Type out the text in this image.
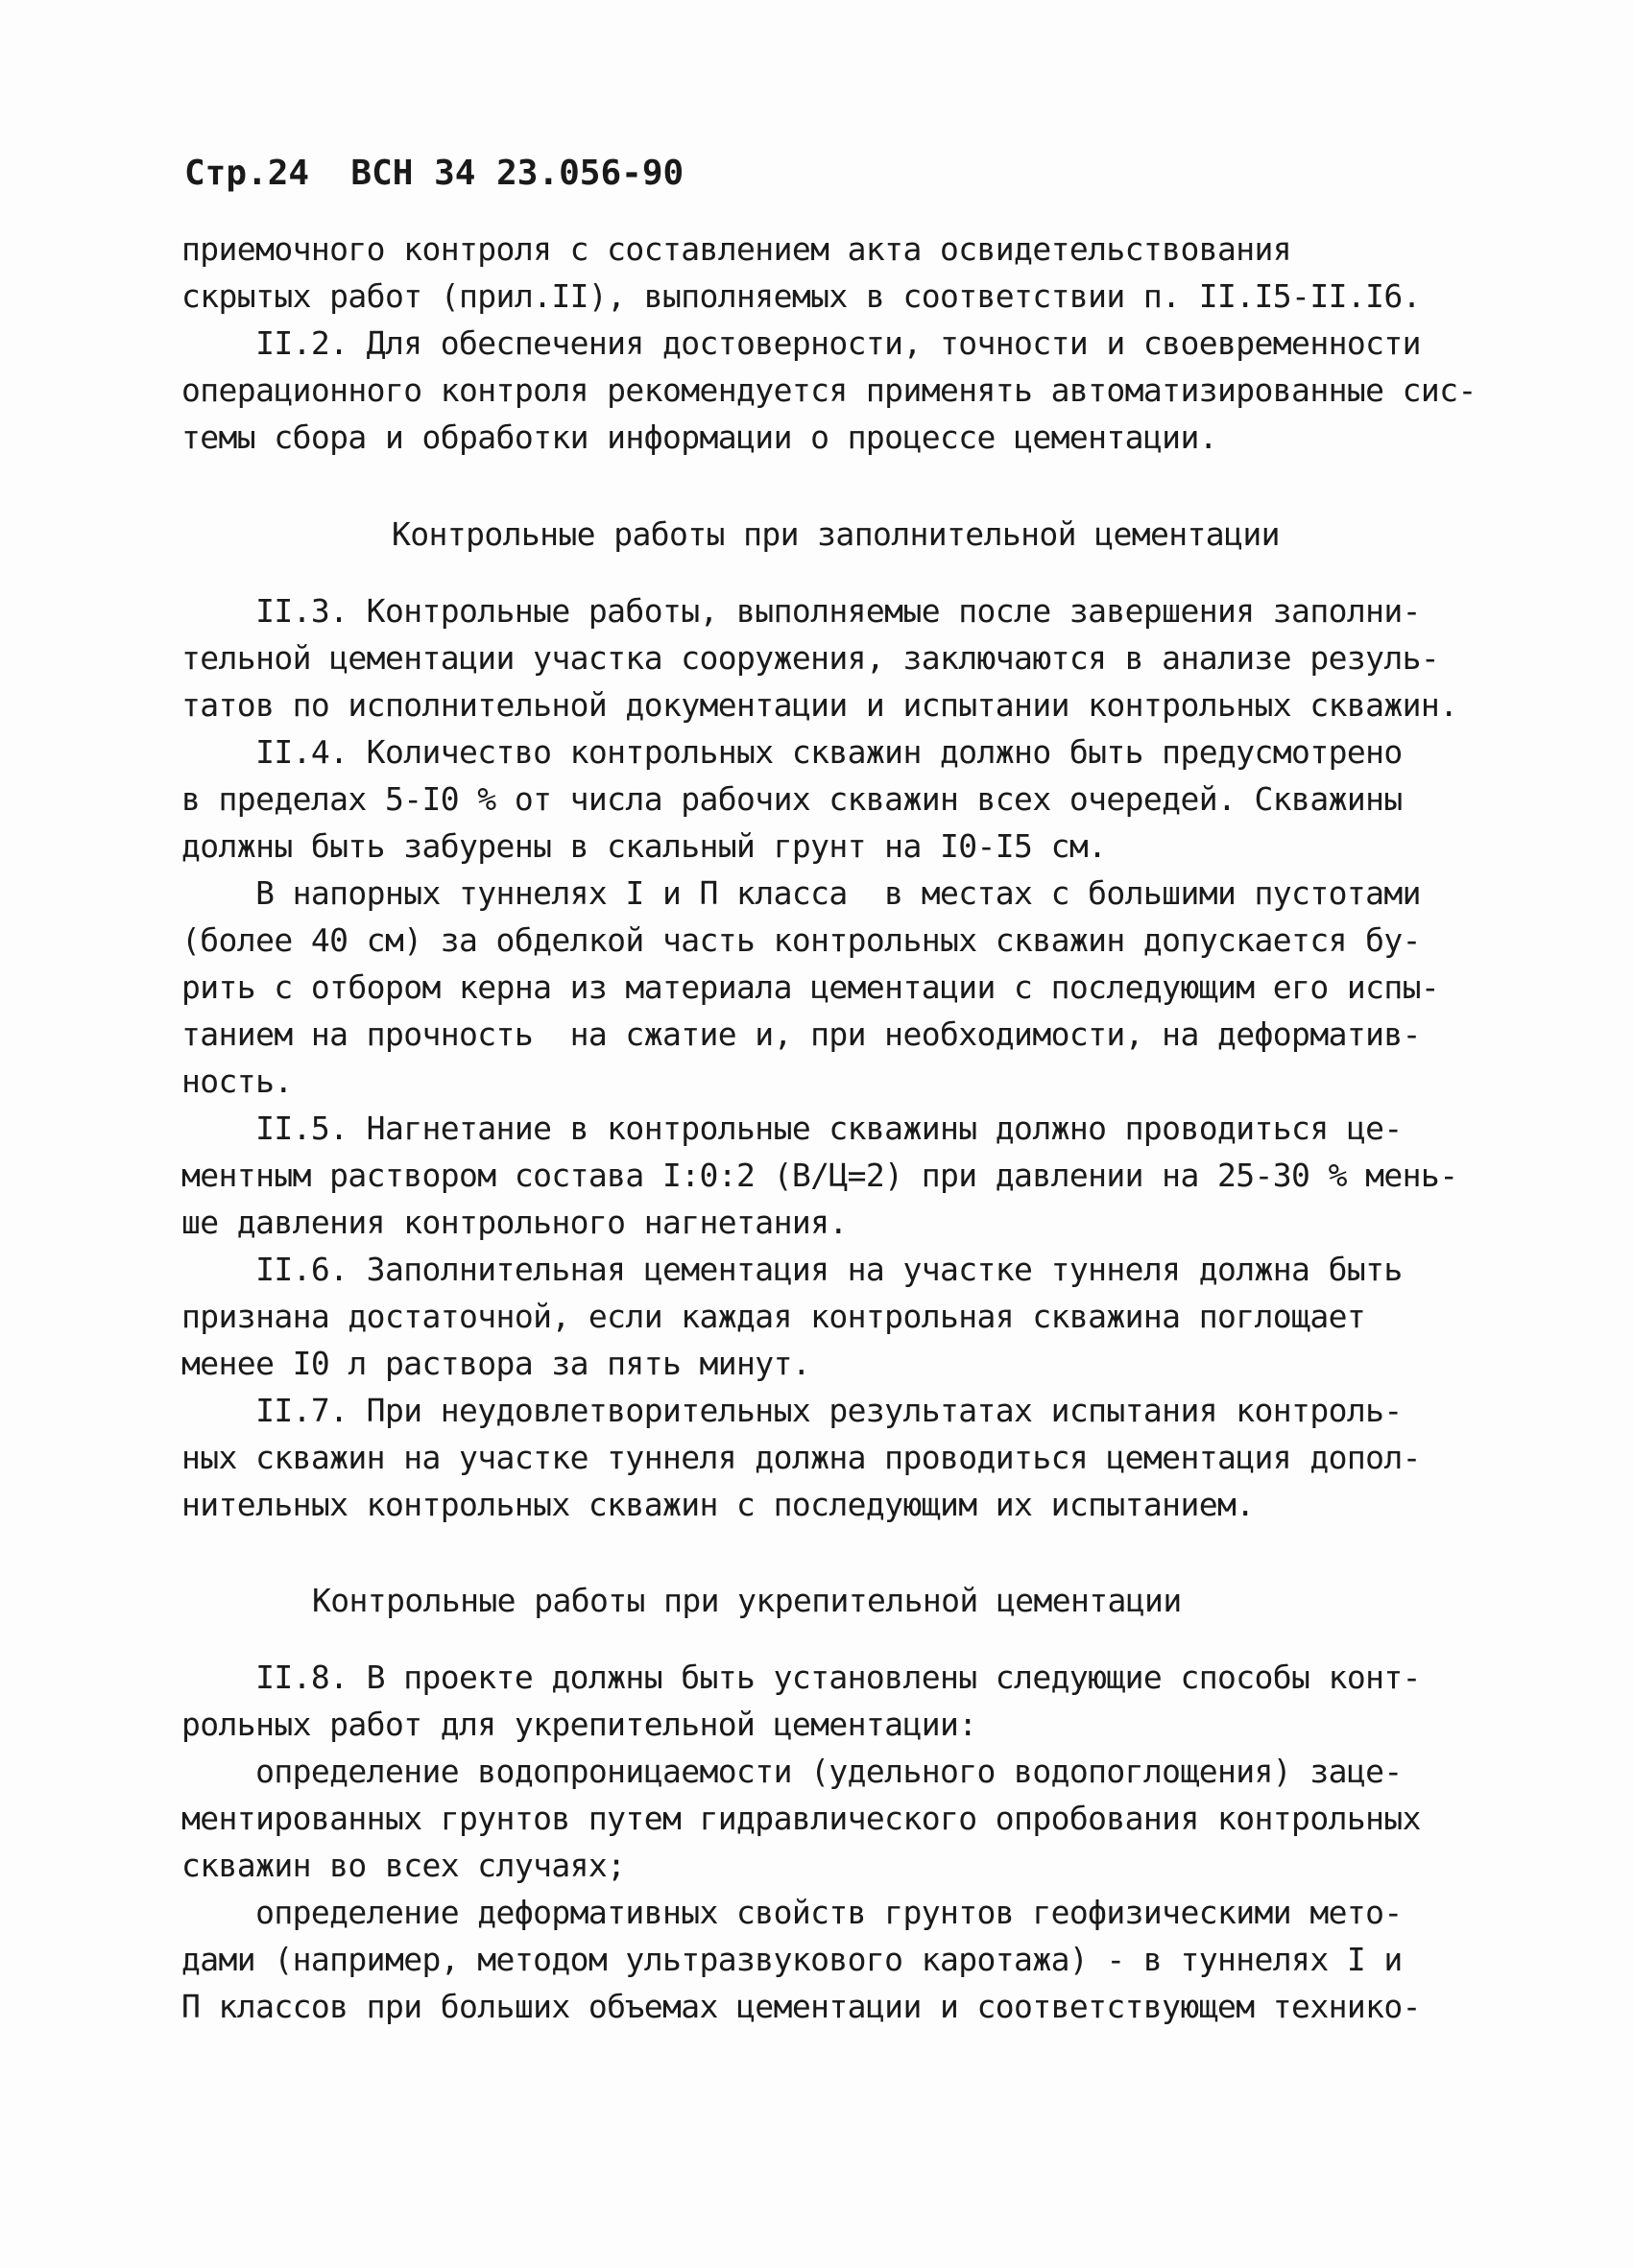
Стр.24  ВСН 34 23.056-90
приемочного контроля с составлением акта освидетельствования
скрытых работ (прил.II), выполняемых в соответствии п. II.I5-II.I6.
II.2. Для обеспечения достоверности, точности и своевременности
операционного контроля рекомендуется применять автоматизированные сис-
темы сбора и обработки информации о процессе цементации.
Контрольные работы при заполнительной цементации
II.3. Контрольные работы, выполняемые после завершения заполни-
тельной цементации участка сооружения, заключаются в анализе резуль-
татов по исполнительной документации и испытании контрольных скважин.
II.4. Количество контрольных скважин должно быть предусмотрено
в пределах 5-I0 % от числа рабочих скважин всех очередей. Скважины
должны быть забурены в скальный грунт на I0-I5 см.
В напорных туннелях I и П класса  в местах с большими пустотами
(более 40 см) за обделкой часть контрольных скважин допускается бу-
рить с отбором керна из материала цементации с последующим его испы-
танием на прочность  на сжатие и, при необходимости, на деформатив-
ность.
II.5. Нагнетание в контрольные скважины должно проводиться це-
ментным раствором состава I:0:2 (В/Ц=2) при давлении на 25-30 % мень-
ше давления контрольного нагнетания.
II.6. Заполнительная цементация на участке туннеля должна быть
признана достаточной, если каждая контрольная скважина поглощает
менее I0 л раствора за пять минут.
II.7. При неудовлетворительных результатах испытания контроль-
ных скважин на участке туннеля должна проводиться цементация допол-
нительных контрольных скважин с последующим их испытанием.
Контрольные работы при укрепительной цементации
II.8. В проекте должны быть установлены следующие способы конт-
рольных работ для укрепительной цементации:
определение водопроницаемости (удельного водопоглощения) заце-
ментированных грунтов путем гидравлического опробования контрольных
скважин во всех случаях;
определение деформативных свойств грунтов геофизическими мето-
дами (например, методом ультразвукового каротажа) - в туннелях I и
П классов при больших объемах цементации и соответствующем технико-
